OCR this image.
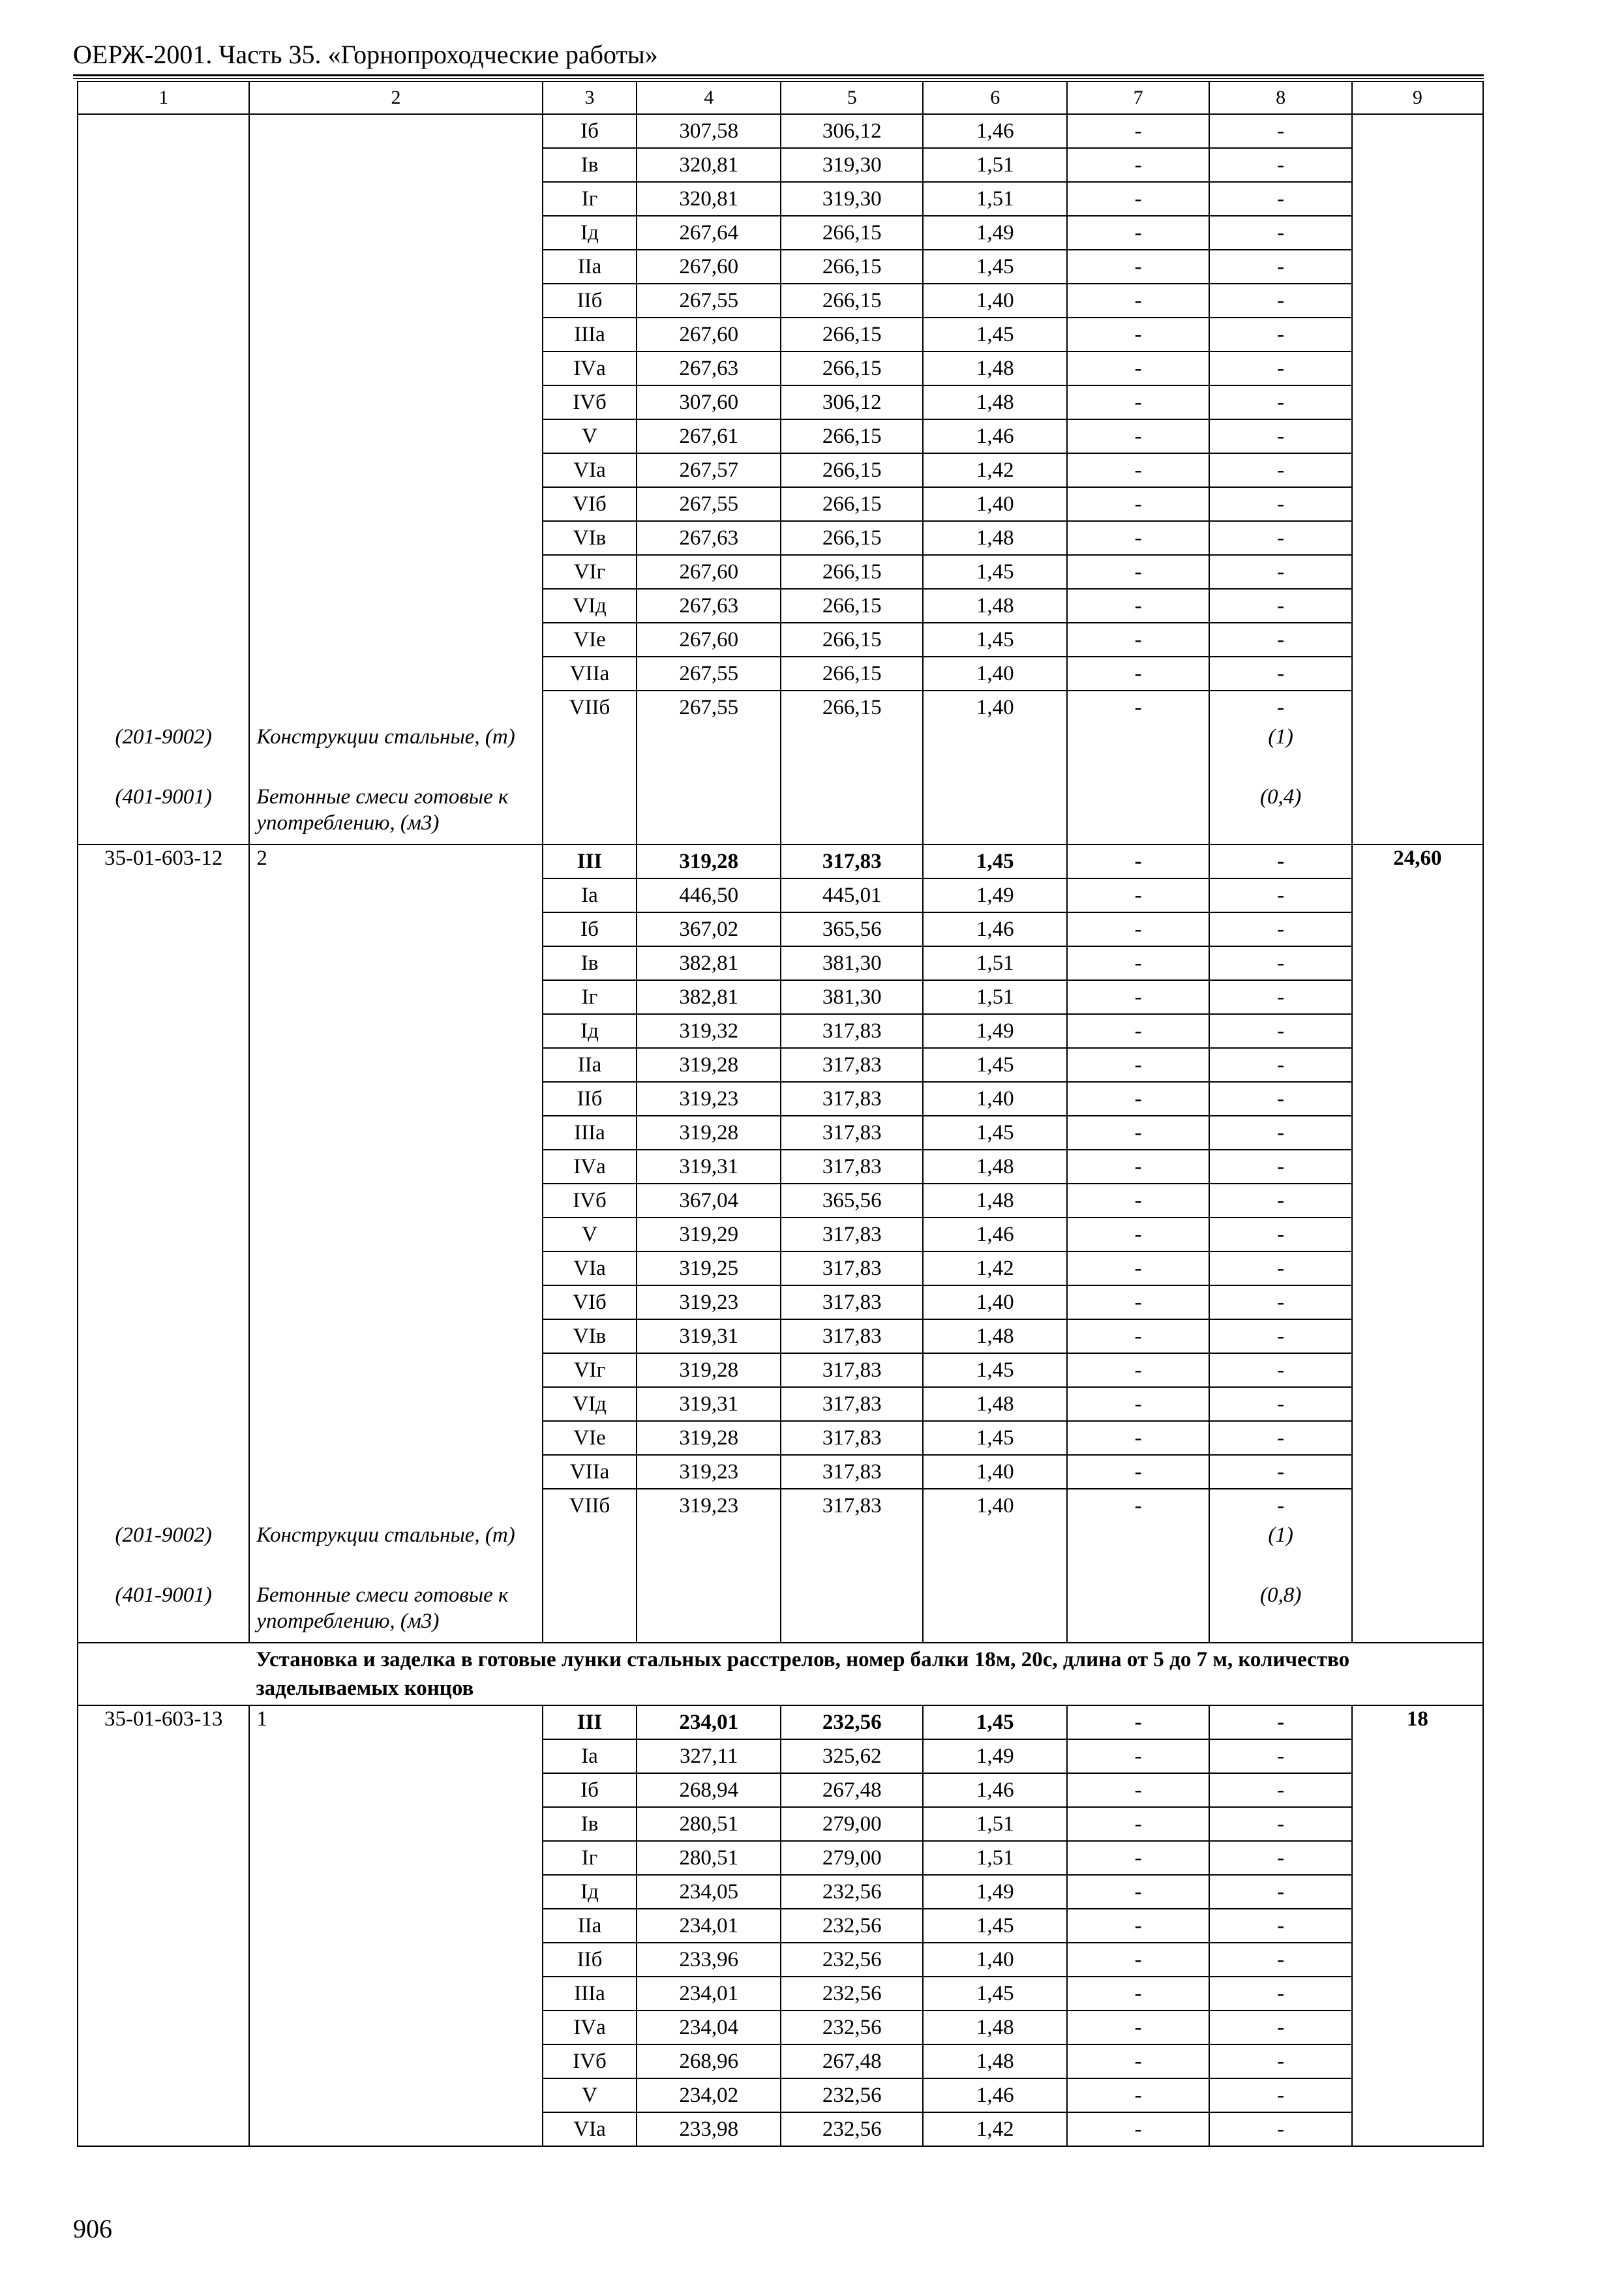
ОЕРЖ-2001. Часть 35. «Горнопроходческие работы»
1	2	3	4	5	6	7	8	9
		Iб	307,58	306,12	1,46	-	-	
		Iв	320,81	319,30	1,51	-	-	
		Iг	320,81	319,30	1,51	-	-	
		Iд	267,64	266,15	1,49	-	-	
		IIа	267,60	266,15	1,45	-	-	
		IIб	267,55	266,15	1,40	-	-	
		IIIа	267,60	266,15	1,45	-	-	
		IVа	267,63	266,15	1,48	-	-	
		IVб	307,60	306,12	1,48	-	-	
		V	267,61	266,15	1,46	-	-	
		VIа	267,57	266,15	1,42	-	-	
		VIб	267,55	266,15	1,40	-	-	
		VIв	267,63	266,15	1,48	-	-	
		VIг	267,60	266,15	1,45	-	-	
		VIд	267,63	266,15	1,48	-	-	
		VIе	267,60	266,15	1,45	-	-	
		VIIа	267,55	266,15	1,40	-	-	
		VIIб	267,55	266,15	1,40	-	-	
(201-9002)	Конструкции стальные, (т)						(1)	
(401-9001)	Бетонные смеси готовые к употреблению, (м3)						(0,4)	
35-01-603-12	2	III	319,28	317,83	1,45	-	-	24,60
		Iа	446,50	445,01	1,49	-	-	
		Iб	367,02	365,56	1,46	-	-	
		Iв	382,81	381,30	1,51	-	-	
		Iг	382,81	381,30	1,51	-	-	
		Iд	319,32	317,83	1,49	-	-	
		IIа	319,28	317,83	1,45	-	-	
		IIб	319,23	317,83	1,40	-	-	
		IIIа	319,28	317,83	1,45	-	-	
		IVа	319,31	317,83	1,48	-	-	
		IVб	367,04	365,56	1,48	-	-	
		V	319,29	317,83	1,46	-	-	
		VIа	319,25	317,83	1,42	-	-	
		VIб	319,23	317,83	1,40	-	-	
		VIв	319,31	317,83	1,48	-	-	
		VIг	319,28	317,83	1,45	-	-	
		VIд	319,31	317,83	1,48	-	-	
		VIе	319,28	317,83	1,45	-	-	
		VIIа	319,23	317,83	1,40	-	-	
		VIIб	319,23	317,83	1,40	-	-	
(201-9002)	Конструкции стальные, (т)						(1)	
(401-9001)	Бетонные смеси готовые к употреблению, (м3)						(0,8)	
	Установка и заделка в готовые лунки стальных расстрелов, номер балки 18м, 20с, длина от 5 до 7 м, количество заделываемых концов							
35-01-603-13	1	III	234,01	232,56	1,45	-	-	18
		Iа	327,11	325,62	1,49	-	-	
		Iб	268,94	267,48	1,46	-	-	
		Iв	280,51	279,00	1,51	-	-	
		Iг	280,51	279,00	1,51	-	-	
		Iд	234,05	232,56	1,49	-	-	
		IIа	234,01	232,56	1,45	-	-	
		IIб	233,96	232,56	1,40	-	-	
		IIIа	234,01	232,56	1,45	-	-	
		IVа	234,04	232,56	1,48	-	-	
		IVб	268,96	267,48	1,48	-	-	
		V	234,02	232,56	1,46	-	-	
		VIа	233,98	232,56	1,42	-	-	
906
